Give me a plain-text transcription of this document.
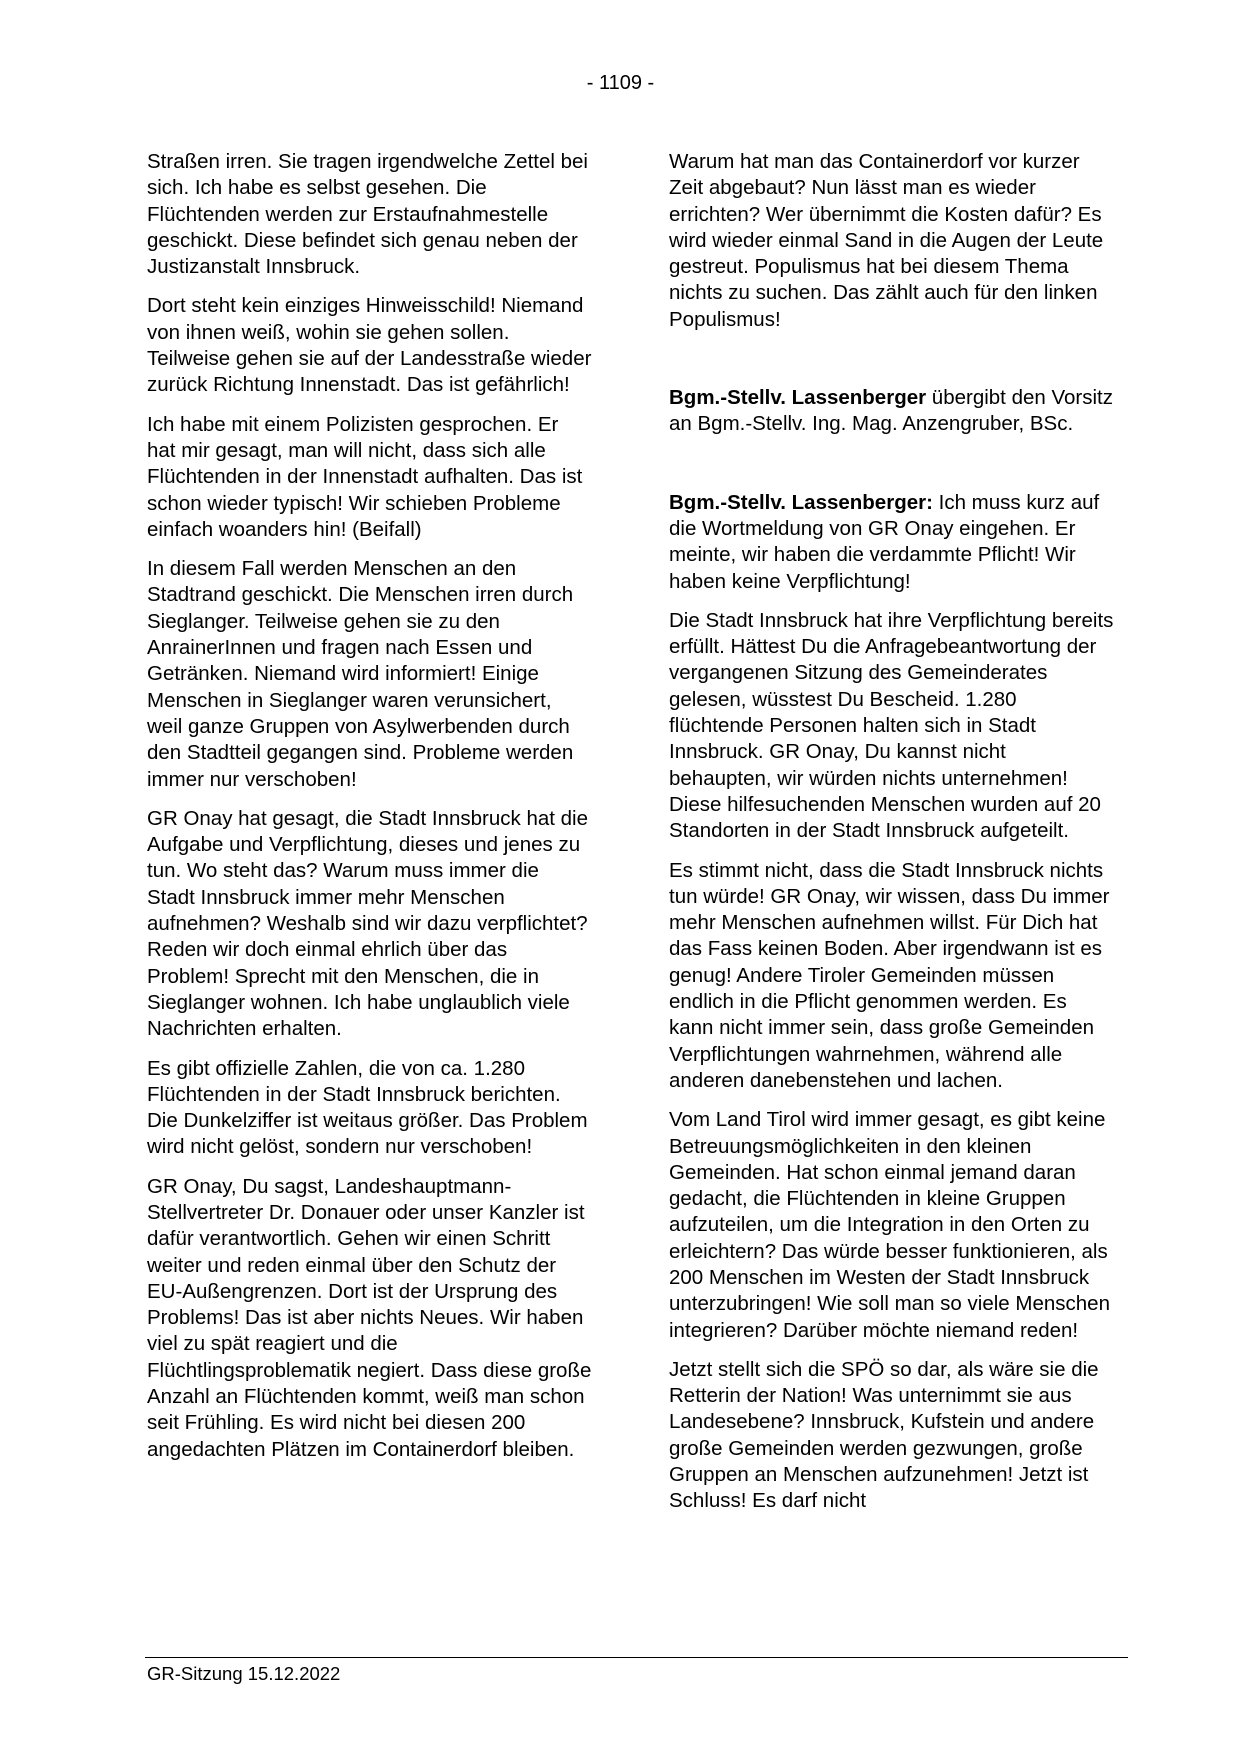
- 1109 -

Straßen irren. Sie tragen irgendwelche Zettel bei sich. Ich habe es selbst gesehen. Die Flüchtenden werden zur Erstaufnahmestelle geschickt. Diese befindet sich genau neben der Justizanstalt Innsbruck.

Dort steht kein einziges Hinweisschild! Niemand von ihnen weiß, wohin sie gehen sollen. Teilweise gehen sie auf der Landesstraße wieder zurück Richtung Innenstadt. Das ist gefährlich!

Ich habe mit einem Polizisten gesprochen. Er hat mir gesagt, man will nicht, dass sich alle Flüchtenden in der Innenstadt aufhalten. Das ist schon wieder typisch! Wir schieben Probleme einfach woanders hin! (Beifall)

In diesem Fall werden Menschen an den Stadtrand geschickt. Die Menschen irren durch Sieglanger. Teilweise gehen sie zu den AnrainerInnen und fragen nach Essen und Getränken. Niemand wird informiert! Einige Menschen in Sieglanger waren verunsichert, weil ganze Gruppen von Asylwerbenden durch den Stadtteil gegangen sind. Probleme werden immer nur verschoben!

GR Onay hat gesagt, die Stadt Innsbruck hat die Aufgabe und Verpflichtung, dieses und jenes zu tun. Wo steht das? Warum muss immer die Stadt Innsbruck immer mehr Menschen aufnehmen? Weshalb sind wir dazu verpflichtet? Reden wir doch einmal ehrlich über das Problem! Sprecht mit den Menschen, die in Sieglanger wohnen. Ich habe unglaublich viele Nachrichten erhalten.

Es gibt offizielle Zahlen, die von ca. 1.280 Flüchtenden in der Stadt Innsbruck berichten. Die Dunkelziffer ist weitaus größer. Das Problem wird nicht gelöst, sondern nur verschoben!

GR Onay, Du sagst, Landeshauptmann-Stellvertreter Dr. Donauer oder unser Kanzler ist dafür verantwortlich. Gehen wir einen Schritt weiter und reden einmal über den Schutz der EU-Außengrenzen. Dort ist der Ursprung des Problems! Das ist aber nichts Neues. Wir haben viel zu spät reagiert und die Flüchtlingsproblematik negiert. Dass diese große Anzahl an Flüchtenden kommt, weiß man schon seit Frühling. Es wird nicht bei diesen 200 angedachten Plätzen im Containerdorf bleiben.

Warum hat man das Containerdorf vor kurzer Zeit abgebaut? Nun lässt man es wieder errichten? Wer übernimmt die Kosten dafür? Es wird wieder einmal Sand in die Augen der Leute gestreut. Populismus hat bei diesem Thema nichts zu suchen. Das zählt auch für den linken Populismus!

Bgm.-Stellv. Lassenberger übergibt den Vorsitz an Bgm.-Stellv. Ing. Mag. Anzengruber, BSc.

Bgm.-Stellv. Lassenberger: Ich muss kurz auf die Wortmeldung von GR Onay eingehen. Er meinte, wir haben die verdammte Pflicht! Wir haben keine Verpflichtung!

Die Stadt Innsbruck hat ihre Verpflichtung bereits erfüllt. Hättest Du die Anfragebeantwortung der vergangenen Sitzung des Gemeinderates gelesen, wüsstest Du Bescheid. 1.280 flüchtende Personen halten sich in Stadt Innsbruck. GR Onay, Du kannst nicht behaupten, wir würden nichts unternehmen! Diese hilfesuchenden Menschen wurden auf 20 Standorten in der Stadt Innsbruck aufgeteilt.

Es stimmt nicht, dass die Stadt Innsbruck nichts tun würde! GR Onay, wir wissen, dass Du immer mehr Menschen aufnehmen willst. Für Dich hat das Fass keinen Boden. Aber irgendwann ist es genug! Andere Tiroler Gemeinden müssen endlich in die Pflicht genommen werden. Es kann nicht immer sein, dass große Gemeinden Verpflichtungen wahrnehmen, während alle anderen danebenstehen und lachen.

Vom Land Tirol wird immer gesagt, es gibt keine Betreuungsmöglichkeiten in den kleinen Gemeinden. Hat schon einmal jemand daran gedacht, die Flüchtenden in kleine Gruppen aufzuteilen, um die Integration in den Orten zu erleichtern? Das würde besser funktionieren, als 200 Menschen im Westen der Stadt Innsbruck unterzubringen! Wie soll man so viele Menschen integrieren? Darüber möchte niemand reden!

Jetzt stellt sich die SPÖ so dar, als wäre sie die Retterin der Nation! Was unternimmt sie aus Landesebene? Innsbruck, Kufstein und andere große Gemeinden werden gezwungen, große Gruppen an Menschen aufzunehmen! Jetzt ist Schluss! Es darf nicht

GR-Sitzung 15.12.2022
